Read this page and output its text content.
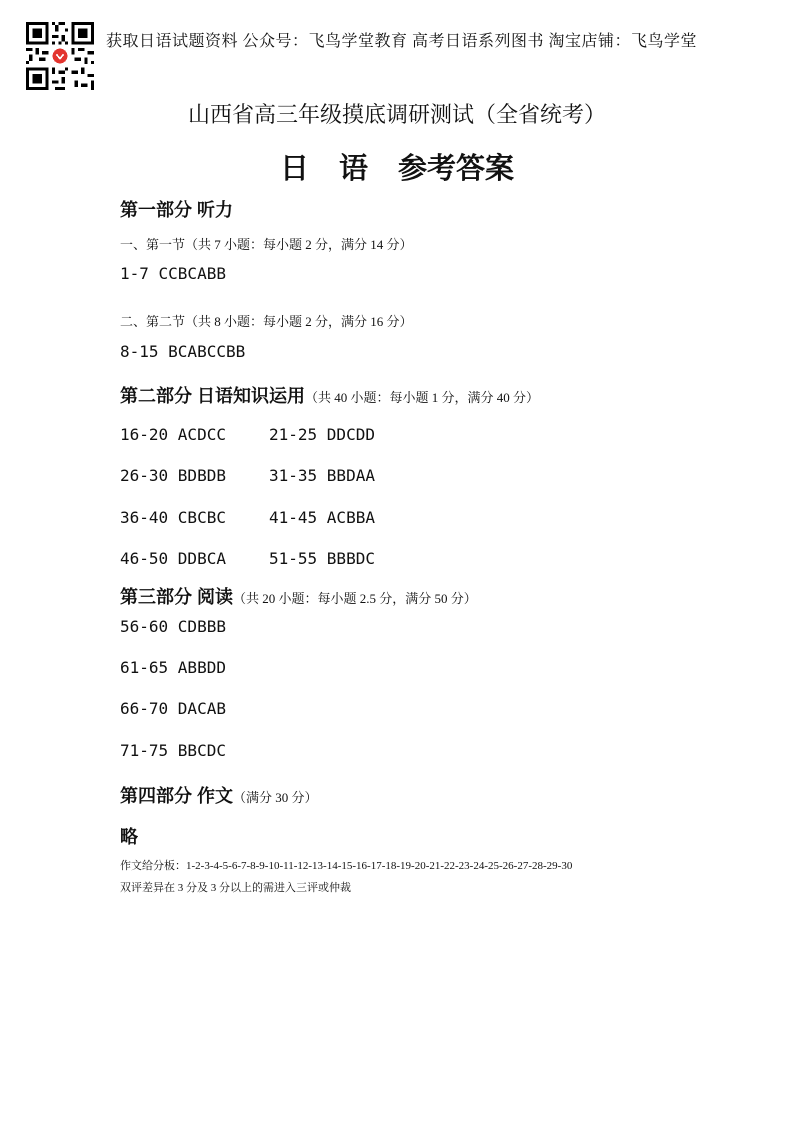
获取日语试题资料 公众号：飞鸟学堂教育 高考日语系列图书 淘宝店铺：飞鸟学堂
山西省高三年级摸底调研测试（全省统考）
日 语 参考答案
第一部分 听力
一、第一节（共 7 小题：每小题 2 分，满分 14 分）
1-7 CCBCABB
二、第二节（共 8 小题：每小题 2 分，满分 16 分）
8-15 BCABCCBB
第二部分 日语知识运用（共 40 小题：每小题 1 分，满分 40 分）
16-20 ACDCC	21-25 DDCDD
26-30 BDBDB	31-35 BBDAA
36-40 CBCBC	41-45 ACBBA
46-50 DDBCA	51-55 BBBDC
第三部分 阅读（共 20 小题：每小题 2.5 分，满分 50 分）
56-60 CDBBB
61-65 ABBDD
66-70 DACAB
71-75 BBCDC
第四部分 作文（满分 30 分）
略
作文给分板：1-2-3-4-5-6-7-8-9-10-11-12-13-14-15-16-17-18-19-20-21-22-23-24-25-26-27-28-29-30
双评差异在 3 分及 3 分以上的需进入三评或仲裁
